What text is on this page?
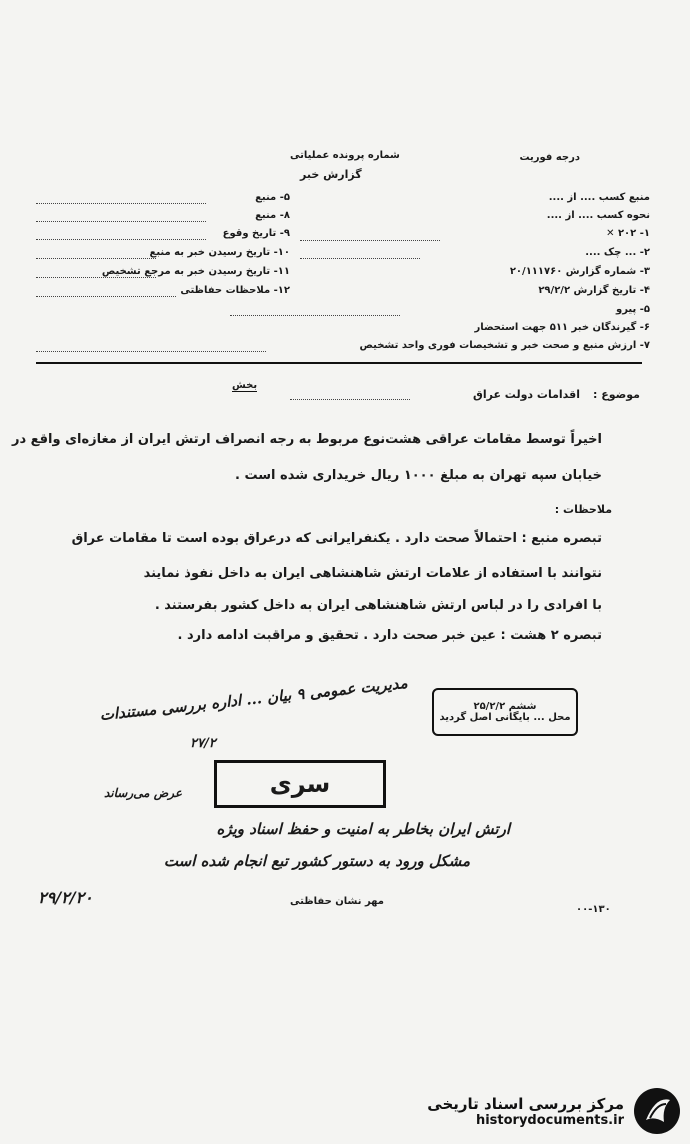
درجه فوریت
شماره پرونده عملیاتی
گزارش خبر
منبع کسب .... از ....
نحوه کسب .... از ....
۱- ۲۰۲ ✕
۲- ... چک ....
۳- شماره گزارش ۲۰/۱۱۱۷۶۰
۴- تاریخ گزارش ۲۹/۲/۲
۵- پیرو
۶- گیرندگان خبر ۵۱۱ جهت استحضار
۷- ارزش منبع و صحت خبر و تشخیصات فوری واحد تشخیص
۵- منبع
۸- منبع
۹- تاریخ وقوع
۱۰- تاریخ رسیدن خبر به منبع
۱۱- تاریخ رسیدن خبر به مرجع تشخیص
۱۲- ملاحظات حفاظتی
موضوع :
اقدامات دولت عراق
بخش
اخیراً توسط مقامات عراقی هشت‌نوع مربوط به رجه انصراف ارتش ایران از مغازه‌ای واقع در
خیابان سپه تهران به مبلغ ۱۰۰۰ ریال خریداری شده است .
ملاحظات :
تبصره منبع : احتمالاً صحت دارد . یکنفرایرانی که درعراق بوده است تا مقامات عراق
نتوانند با استفاده از علامات ارتش شاهنشاهی ایران به داخل نفوذ نمایند
با افرادی را در لباس ارتش شاهنشاهی ایران به داخل کشور بفرستند .
تبصره ۲ هشت : عین خبر صحت دارد . تحقیق و مراقبت ادامه دارد .
ششم ۲۵/۲/۲
محل ... بایگانی اصل گردید
سری
مدیریت عمومی ۹ بیان ... اداره بررسی مستندات
۲۷/۲
عرض می‌رساند
ارتش ایران بخاطر به امنیت و حفظ اسناد ویژه
مشکل ورود به دستور کشور تبع انجام شده است
۲۹/۲/۲۰	مهر نشان حفاظتی
۰۰-۱۳۰
مرکز بررسی اسناد تاریخی
historydocuments.ir
